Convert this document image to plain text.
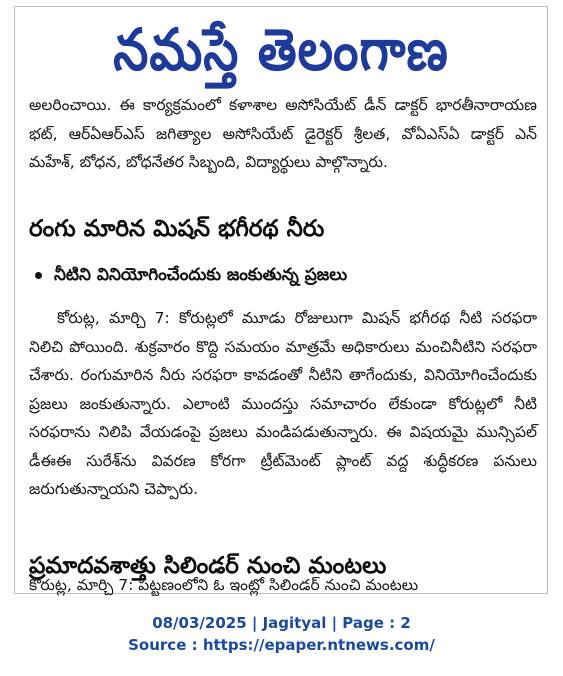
నమస్తే తెలంగాణ

అలరించాయి. ఈ కార్యక్రమంలో కళాశాల అసోసియేట్ డీన్ డాక్టర్ భారతీనారాయణ భట్, ఆర్ఏఆర్ఎస్ జగిత్యాల అసోసియేట్ డైరెక్టర్ శ్రీలత, వోఏఎస్ఏ డాక్టర్ ఎన్ మహేశ్, బోధన, బోధనేతర సిబ్బంది, విద్యార్థులు పాల్గొన్నారు.

రంగు మారిన మిషన్ భగీరథ నీరు
నీటిని వినియోగించేందుకు జంకుతున్న ప్రజలు

కోరుట్ల, మార్చి 7: కోరుట్లలో మూడు రోజులుగా మిషన్ భగీరథ నీటి సరఫరా నిలిచి పోయింది. శుక్రవారం కొద్ది సమయం మాత్రమే అధికారులు మంచినీటిని సరఫరా చేశారు. రంగుమారిన నీరు సరఫరా కావడంతో నీటిని తాగేందుకు, వినియోగించేందుకు ప్రజలు జంకుతున్నారు. ఎలాంటి ముందస్తు సమాచారం లేకుండా కోరుట్లలో నీటి సరఫరాను నిలిపి వేయడంపై ప్రజలు మండిపడుతున్నారు. ఈ విషయమై మున్సిపల్ డీఈఈ సురేశ్‌ను వివరణ కోరగా ట్రీట్‌మెంట్ ప్లాంట్ వద్ద శుద్ధీకరణ పనులు జరుగుతున్నాయని చెప్పారు.

ప్రమాదవశాత్తు సిలిండర్ నుంచి మంటలు
కోరుట్ల, మార్చి 7: పట్టణంలోని ఓ ఇంట్లో సిలిండర్ నుంచి మంటలు
08/03/2025 | Jagityal | Page : 2
Source : https://epaper.ntnews.com/
